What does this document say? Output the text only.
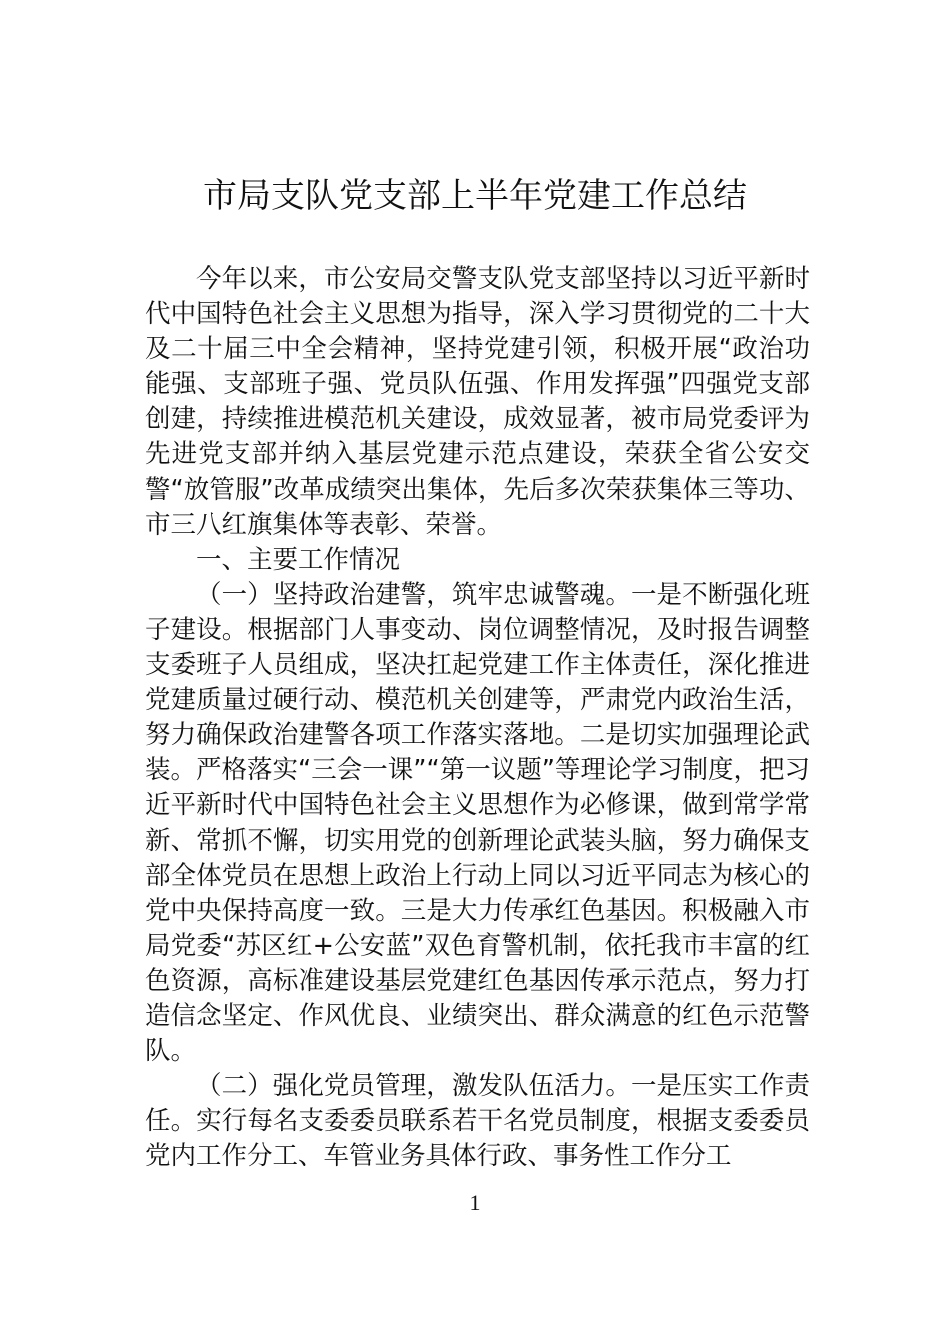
市局支队党支部上半年党建工作总结

今年以来，市公安局交警支队党支部坚持以习近平新时代中国特色社会主义思想为指导，深入学习贯彻党的二十大及二十届三中全会精神，坚持党建引领，积极开展“政治功能强、支部班子强、党员队伍强、作用发挥强”四强党支部创建，持续推进模范机关建设，成效显著，被市局党委评为先进党支部并纳入基层党建示范点建设，荣获全省公安交警“放管服”改革成绩突出集体，先后多次荣获集体三等功、市三八红旗集体等表彰、荣誉。

一、主要工作情况

（一）坚持政治建警，筑牢忠诚警魂。一是不断强化班子建设。根据部门人事变动、岗位调整情况，及时报告调整支委班子人员组成，坚决扛起党建工作主体责任，深化推进党建质量过硬行动、模范机关创建等，严肃党内政治生活，努力确保政治建警各项工作落实落地。二是切实加强理论武装。严格落实“三会一课”“第一议题”等理论学习制度，把习近平新时代中国特色社会主义思想作为必修课，做到常学常新、常抓不懈，切实用党的创新理论武装头脑，努力确保支部全体党员在思想上政治上行动上同以习近平同志为核心的党中央保持高度一致。三是大力传承红色基因。积极融入市局党委“苏区红+公安蓝”双色育警机制，依托我市丰富的红色资源，高标准建设基层党建红色基因传承示范点，努力打造信念坚定、作风优良、业绩突出、群众满意的红色示范警队。

（二）强化党员管理，激发队伍活力。一是压实工作责任。实行每名支委委员联系若干名党员制度，根据支委委员党内工作分工、车管业务具体行政、事务性工作分工

1
